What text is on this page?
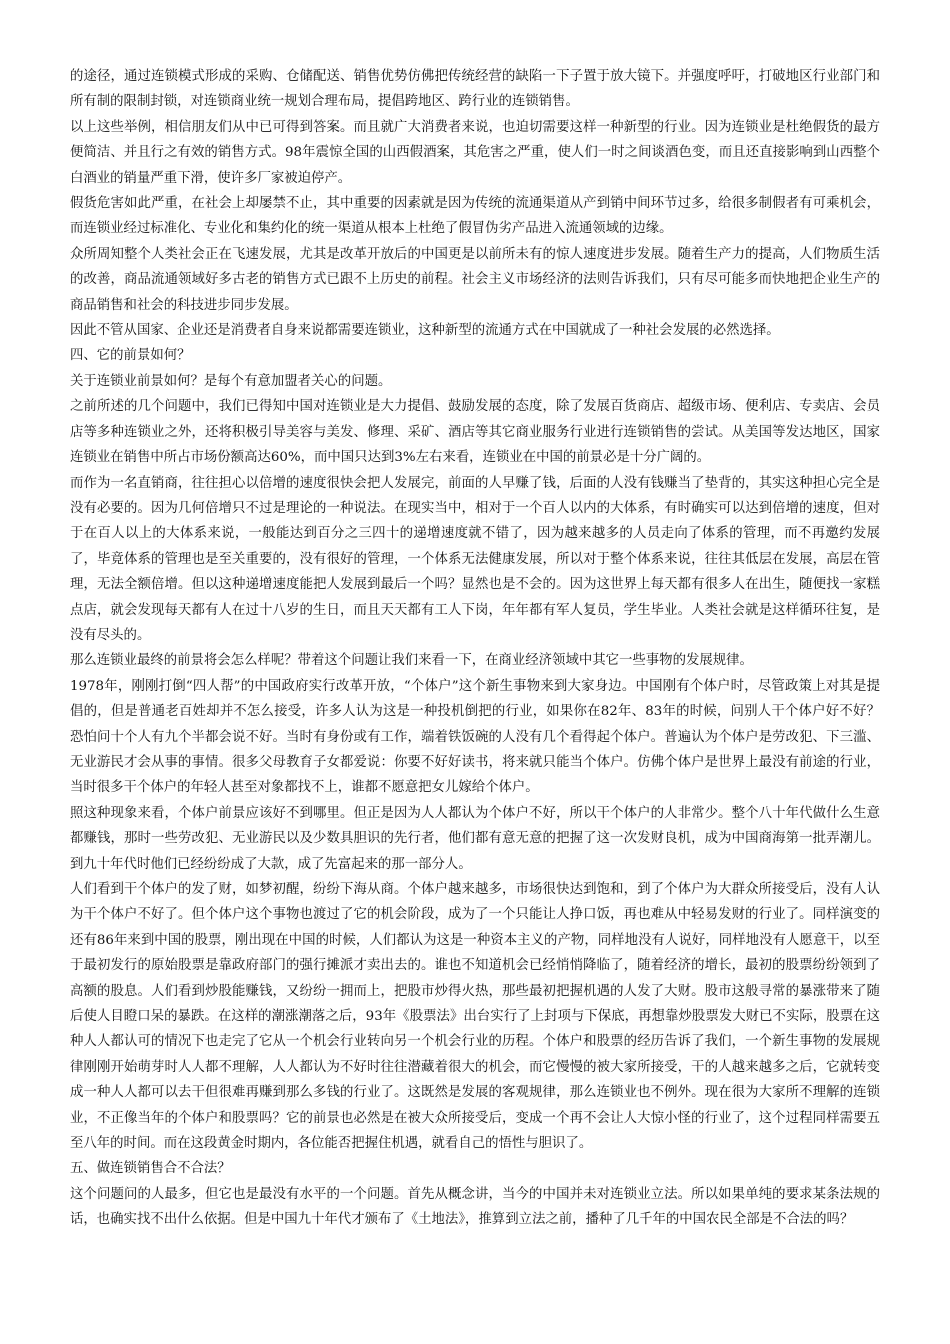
的途径，通过连锁模式形成的采购、仓储配送、销售优势仿佛把传统经营的缺陷一下子置于放大镜下。并强度呼吁，打破地区行业部门和所有制的限制封锁，对连锁商业统一规划合理布局，提倡跨地区、跨行业的连锁销售。

以上这些举例，相信朋友们从中已可得到答案。而且就广大消费者来说，也迫切需要这样一种新型的行业。因为连锁业是杜绝假货的最方便简洁、并且行之有效的销售方式。98年震惊全国的山西假酒案，其危害之严重，使人们一时之间谈酒色变，而且还直接影响到山西整个白酒业的销量严重下滑，使许多厂家被迫停产。

假货危害如此严重，在社会上却屡禁不止，其中重要的因素就是因为传统的流通渠道从产到销中间环节过多，给很多制假者有可乘机会，而连锁业经过标准化、专业化和集约化的统一渠道从根本上杜绝了假冒伪劣产品进入流通领域的边缘。

众所周知整个人类社会正在飞速发展，尤其是改革开放后的中国更是以前所未有的惊人速度进步发展。随着生产力的提高，人们物质生活的改善，商品流通领域好多古老的销售方式已跟不上历史的前程。社会主义市场经济的法则告诉我们，只有尽可能多而快地把企业生产的商品销售和社会的科技进步同步发展。

因此不管从国家、企业还是消费者自身来说都需要连锁业，这种新型的流通方式在中国就成了一种社会发展的必然选择。

四、它的前景如何？

关于连锁业前景如何？是每个有意加盟者关心的问题。

之前所述的几个问题中，我们已得知中国对连锁业是大力提倡、鼓励发展的态度，除了发展百货商店、超级市场、便利店、专卖店、会员店等多种连锁业之外，还将积极引导美容与美发、修理、采矿、酒店等其它商业服务行业进行连锁销售的尝试。从美国等发达地区，国家连锁业在销售中所占市场份额高达60%，而中国只达到3%左右来看，连锁业在中国的前景必是十分广阔的。

而作为一名直销商，往往担心以倍增的速度很快会把人发展完，前面的人早赚了钱，后面的人没有钱赚当了垫背的，其实这种担心完全是没有必要的。因为几何倍增只不过是理论的一种说法。在现实当中，相对于一个百人以内的大体系，有时确实可以达到倍增的速度，但对于在百人以上的大体系来说，一般能达到百分之三四十的递增速度就不错了，因为越来越多的人员走向了体系的管理，而不再邀约发展了，毕竟体系的管理也是至关重要的，没有很好的管理，一个体系无法健康发展，所以对于整个体系来说，往往其低层在发展，高层在管理，无法全额倍增。但以这种递增速度能把人发展到最后一个吗？显然也是不会的。因为这世界上每天都有很多人在出生，随便找一家糕点店，就会发现每天都有人在过十八岁的生日，而且天天都有工人下岗，年年都有军人复员，学生毕业。人类社会就是这样循环往复，是没有尽头的。

那么连锁业最终的前景将会怎么样呢？带着这个问题让我们来看一下，在商业经济领域中其它一些事物的发展规律。

1978年，刚刚打倒“四人帮”的中国政府实行改革开放，“个体户”这个新生事物来到大家身边。中国刚有个体户时，尽管政策上对其是提倡的，但是普通老百姓却并不怎么接受，许多人认为这是一种投机倒把的行业，如果你在82年、83年的时候，问别人干个体户好不好？恐怕问十个人有九个半都会说不好。当时有身份或有工作，端着铁饭碗的人没有几个看得起个体户。普遍认为个体户是劳改犯、下三滥、无业游民才会从事的事情。很多父母教育子女都爱说：你要不好好读书，将来就只能当个体户。仿佛个体户是世界上最没有前途的行业，当时很多干个体户的年轻人甚至对象都找不上，谁都不愿意把女儿嫁给个体户。

照这种现象来看，个体户前景应该好不到哪里。但正是因为人人都认为个体户不好，所以干个体户的人非常少。整个八十年代做什么生意都赚钱，那时一些劳改犯、无业游民以及少数具胆识的先行者，他们都有意无意的把握了这一次发财良机，成为中国商海第一批弄潮儿。到九十年代时他们已经纷纷成了大款，成了先富起来的那一部分人。

人们看到干个体户的发了财，如梦初醒，纷纷下海从商。个体户越来越多，市场很快达到饱和，到了个体户为大群众所接受后，没有人认为干个体户不好了。但个体户这个事物也渡过了它的机会阶段，成为了一个只能让人挣口饭，再也难从中轻易发财的行业了。同样演变的还有86年来到中国的股票，刚出现在中国的时候，人们都认为这是一种资本主义的产物，同样地没有人说好，同样地没有人愿意干，以至于最初发行的原始股票是靠政府部门的强行摊派才卖出去的。谁也不知道机会已经悄悄降临了，随着经济的增长，最初的股票纷纷领到了高额的股息。人们看到炒股能赚钱，又纷纷一拥而上，把股市炒得火热，那些最初把握机遇的人发了大财。股市这般寻常的暴涨带来了随后使人目瞪口呆的暴跌。在这样的潮涨潮落之后，93年《股票法》出台实行了上封项与下保底，再想靠炒股票发大财已不实际，股票在这种人人都认可的情况下也走完了它从一个机会行业转向另一个机会行业的历程。个体户和股票的经历告诉了我们，一个新生事物的发展规律刚刚开始萌芽时人人都不理解，人人都认为不好时往往潜藏着很大的机会，而它慢慢的被大家所接受，干的人越来越多之后，它就转变成一种人人都可以去干但很难再赚到那么多钱的行业了。这既然是发展的客观规律，那么连锁业也不例外。现在很为大家所不理解的连锁业，不正像当年的个体户和股票吗？它的前景也必然是在被大众所接受后，变成一个再不会让人大惊小怪的行业了，这个过程同样需要五至八年的时间。而在这段黄金时期内，各位能否把握住机遇，就看自己的悟性与胆识了。

五、做连锁销售合不合法？

这个问题问的人最多，但它也是最没有水平的一个问题。首先从概念讲，当今的中国并未对连锁业立法。所以如果单纯的要求某条法规的话，也确实找不出什么依据。但是中国九十年代才颁布了《土地法》，推算到立法之前，播种了几千年的中国农民全部是不合法的吗？
